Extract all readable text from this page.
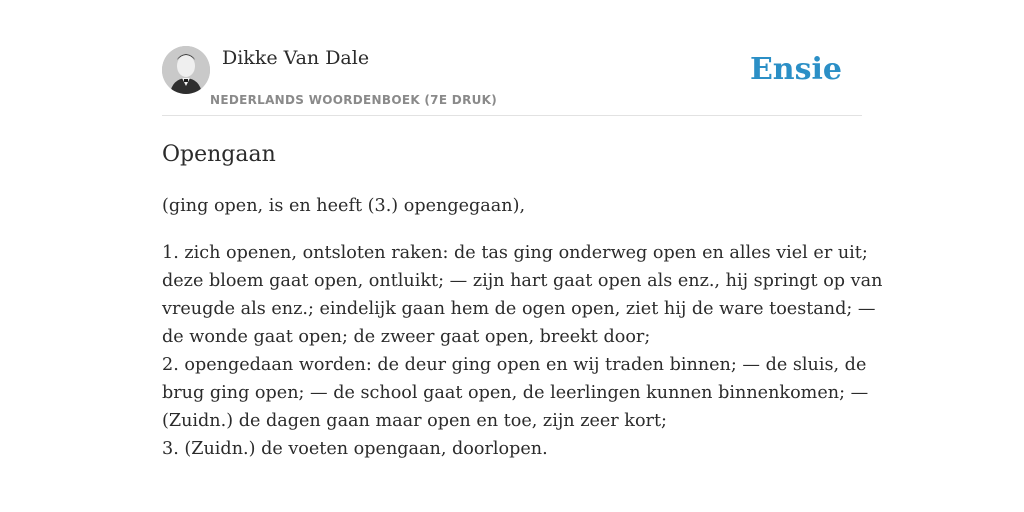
Dikke Van Dale
NEDERLANDS WOORDENBOEK (7E DRUK)
Ensie
Opengaan

(ging open, is en heeft (3.) opengegaan),

1. zich openen, ontsloten raken: de tas ging onderweg open en alles viel er uit;
deze bloem gaat open, ontluikt; — zijn hart gaat open als enz., hij springt op van
vreugde als enz.; eindelijk gaan hem de ogen open, ziet hij de ware toestand; —
de wonde gaat open; de zweer gaat open, breekt door;
2. opengedaan worden: de deur ging open en wij traden binnen; — de sluis, de
brug ging open; — de school gaat open, de leerlingen kunnen binnenkomen; —
(Zuidn.) de dagen gaan maar open en toe, zijn zeer kort;
3. (Zuidn.) de voeten opengaan, doorlopen.
